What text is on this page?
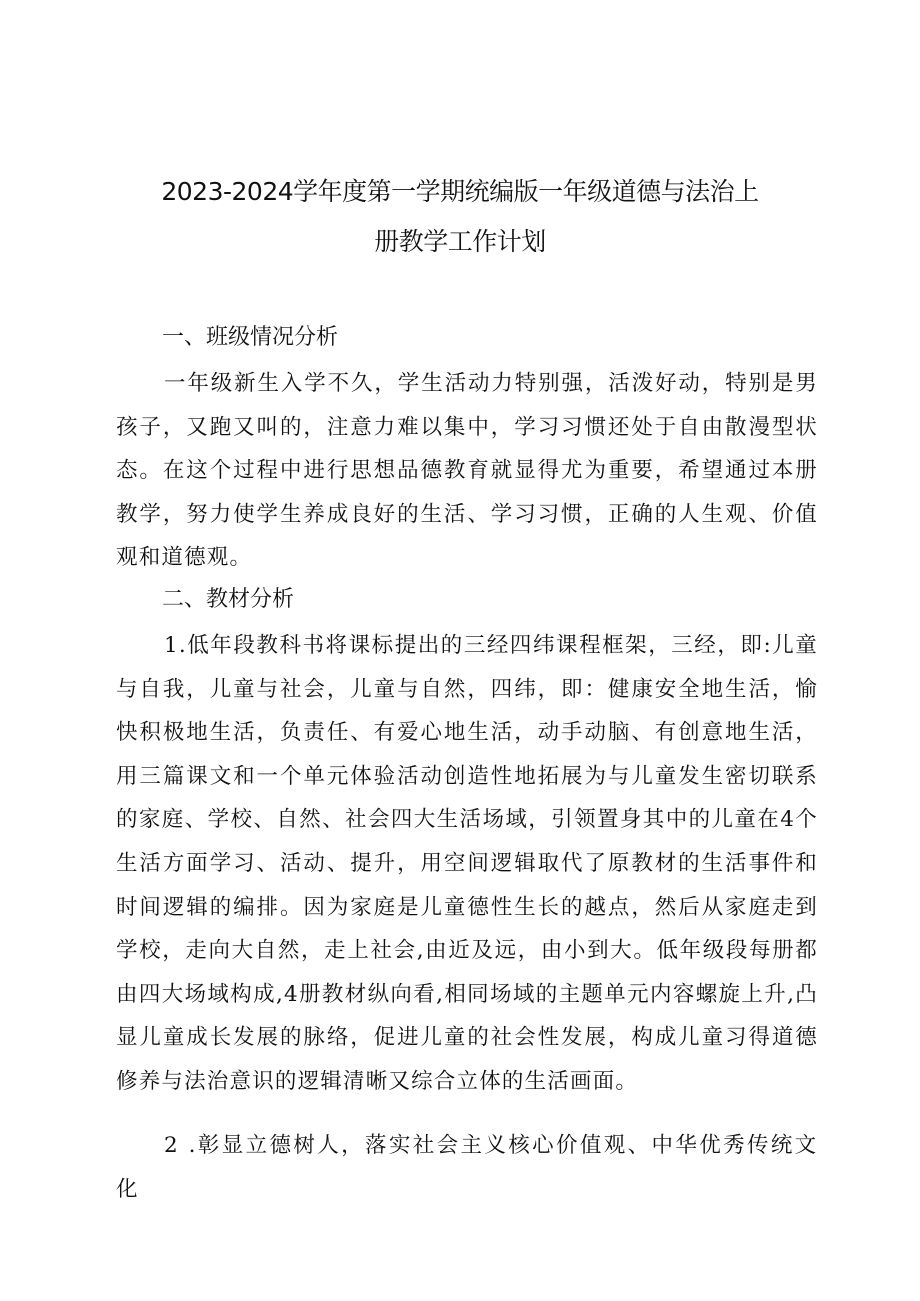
2023-2024学年度第一学期统编版一年级道德与法治上
册教学工作计划
一、班级情况分析

一年级新生入学不久，学生活动力特别强，活泼好动，特别是男孩子，又跑又叫的，注意力难以集中，学习习惯还处于自由散漫型状态。在这个过程中进行思想品德教育就显得尤为重要，希望通过本册教学，努力使学生养成良好的生活、学习习惯，正确的人生观、价值观和道德观。

二、教材分析

1.低年段教科书将课标提出的三经四纬课程框架，三经，即:儿童与自我，儿童与社会，儿童与自然，四纬，即：健康安全地生活，愉快积极地生活，负责任、有爱心地生活，动手动脑、有创意地生活，用三篇课文和一个单元体验活动创造性地拓展为与儿童发生密切联系的家庭、学校、自然、社会四大生活场域，引领置身其中的儿童在4个生活方面学习、活动、提升，用空间逻辑取代了原教材的生活事件和时间逻辑的编排。因为家庭是儿童德性生长的越点，然后从家庭走到学校，走向大自然，走上社会,由近及远，由小到大。低年级段每册都由四大场域构成,4册教材纵向看,相同场域的主题单元内容螺旋上升,凸显儿童成长发展的脉络，促进儿童的社会性发展，构成儿童习得道德修养与法治意识的逻辑清晰又综合立体的生活画面。

2 .彰显立德树人，落实社会主义核心价值观、中华优秀传统文化
